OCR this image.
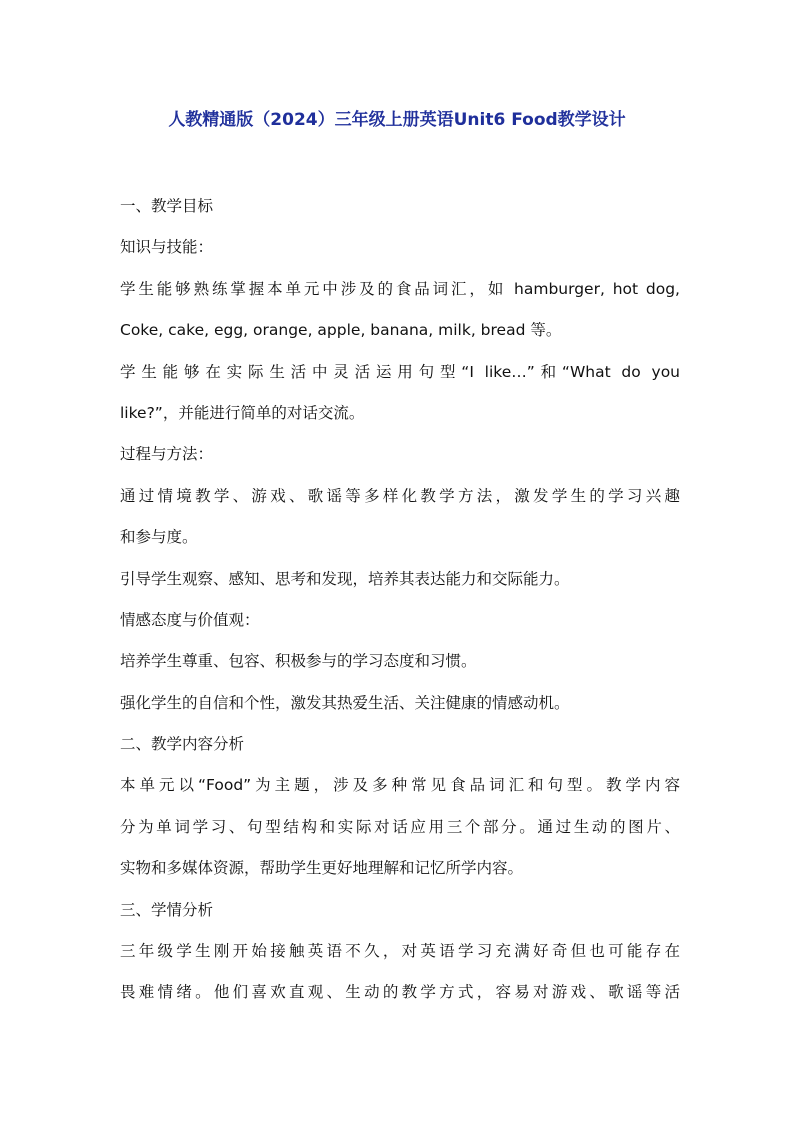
人教精通版（2024）三年级上册英语Unit6 Food教学设计
一、教学目标
知识与技能：
学生能够熟练掌握本单元中涉及的食品词汇，如 hamburger, hot dog,
Coke, cake, egg, orange, apple, banana, milk, bread 等。
学生能够在实际生活中灵活运用句型“I like…”和“What do you
like?”，并能进行简单的对话交流。
过程与方法：
通过情境教学、游戏、歌谣等多样化教学方法，激发学生的学习兴趣
和参与度。
引导学生观察、感知、思考和发现，培养其表达能力和交际能力。
情感态度与价值观：
培养学生尊重、包容、积极参与的学习态度和习惯。
强化学生的自信和个性，激发其热爱生活、关注健康的情感动机。
二、教学内容分析
本单元以“Food”为主题，涉及多种常见食品词汇和句型。教学内容
分为单词学习、句型结构和实际对话应用三个部分。通过生动的图片、
实物和多媒体资源，帮助学生更好地理解和记忆所学内容。
三、学情分析
三年级学生刚开始接触英语不久，对英语学习充满好奇但也可能存在
畏难情绪。他们喜欢直观、生动的教学方式，容易对游戏、歌谣等活
